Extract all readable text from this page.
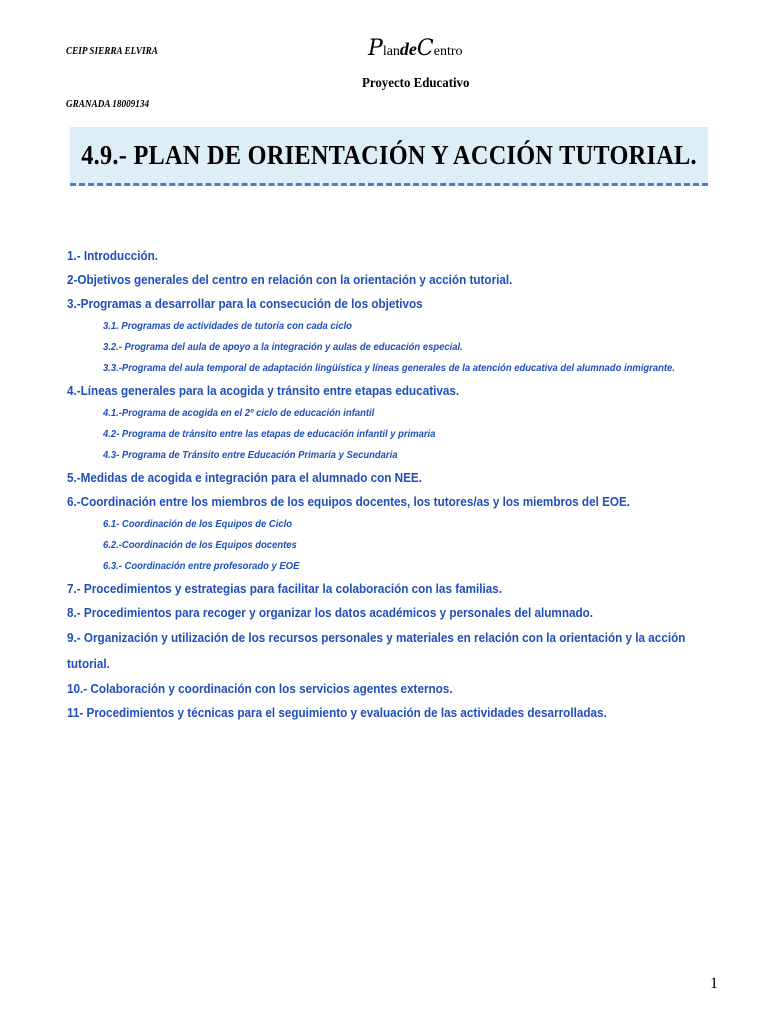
CEIP SIERRA ELVIRA
GRANADA 18009134
PlandeCentro
Proyecto Educativo
4.9.- PLAN DE ORIENTACIÓN Y ACCIÓN TUTORIAL.
1.- Introducción.
2-Objetivos generales del centro en relación con la orientación y acción tutorial.
3.-Programas a desarrollar para la consecución de los objetivos
3.1. Programas de actividades de tutoría con cada ciclo
3.2.- Programa del aula de apoyo a la integración y aulas de educación especial.
3.3.-Programa del aula temporal de adaptación lingüística y líneas generales de la atención educativa del alumnado inmigrante.
4.-Líneas generales para la acogida y tránsito entre etapas educativas.
4.1.-Programa de acogida en el 2º ciclo de educación infantil
4.2- Programa de tránsito entre las etapas de educación infantil y primaria
4.3- Programa de Tránsito entre Educación Primaria y Secundaria
5.-Medidas de acogida e integración para el alumnado con NEE.
6.-Coordinación entre los miembros de los equipos docentes, los tutores/as y los miembros del EOE.
6.1- Coordinación de los Equipos de Ciclo
6.2.-Coordinación de los Equipos docentes
6.3.- Coordinación entre profesorado y EOE
7.- Procedimientos y estrategias para facilitar la colaboración con las familias.
8.- Procedimientos para recoger y organizar los datos académicos y personales del alumnado.
9.- Organización y utilización de los recursos personales y materiales en relación con la orientación y la acción tutorial.
10.- Colaboración y coordinación con los servicios agentes externos.
11- Procedimientos y técnicas para el seguimiento y evaluación de las actividades desarrolladas.
1
